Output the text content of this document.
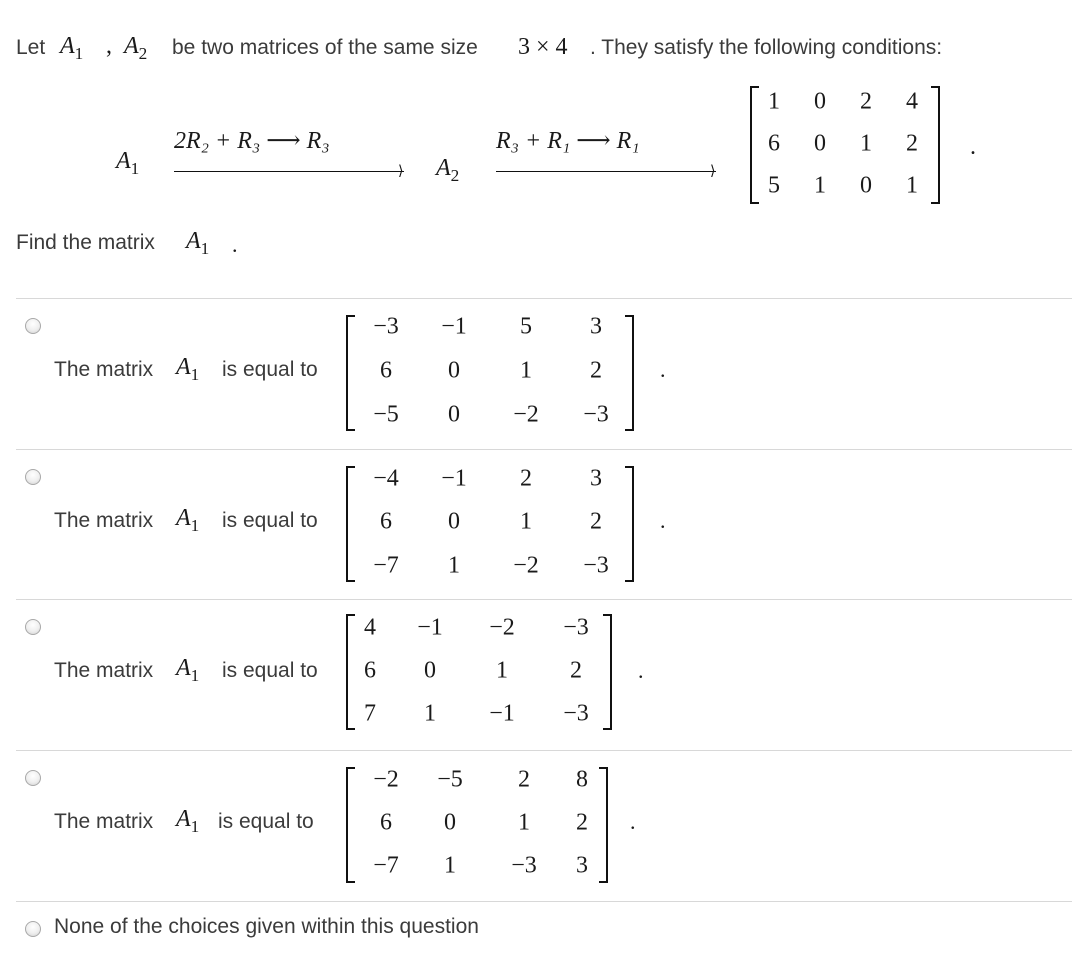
Let $A_1$ , $A_2$ be two matrices of the same size 3 × 4 . They satisfy the following conditions:
$A_1$
2R₂ + R₃ ⟶ R₃
⟩ $A_2$
R₃ + R₁ ⟶ R₁
⟩
1 0 2 4
6 0 1 2
5 1 0 1
.
Find the matrix $A_1$ .
The matrix $A_1$ is equal to
−3 −1 5 3
6 0	1 2
−5 0 −2 −3
.
The matrix $A_1$ is equal to
−4 −1 2 3
6 0	1 2
−7 1 −2 −3
.
The matrix $A_1$ is equal to
4 −1 −2 −3
6 0	1	2
7 1 −1 −3
.
The matrix $A_1$ is equal to
−2 −5 2 8
6 0	1 2
−7 1 −3 3
.
None of the choices given within this question
